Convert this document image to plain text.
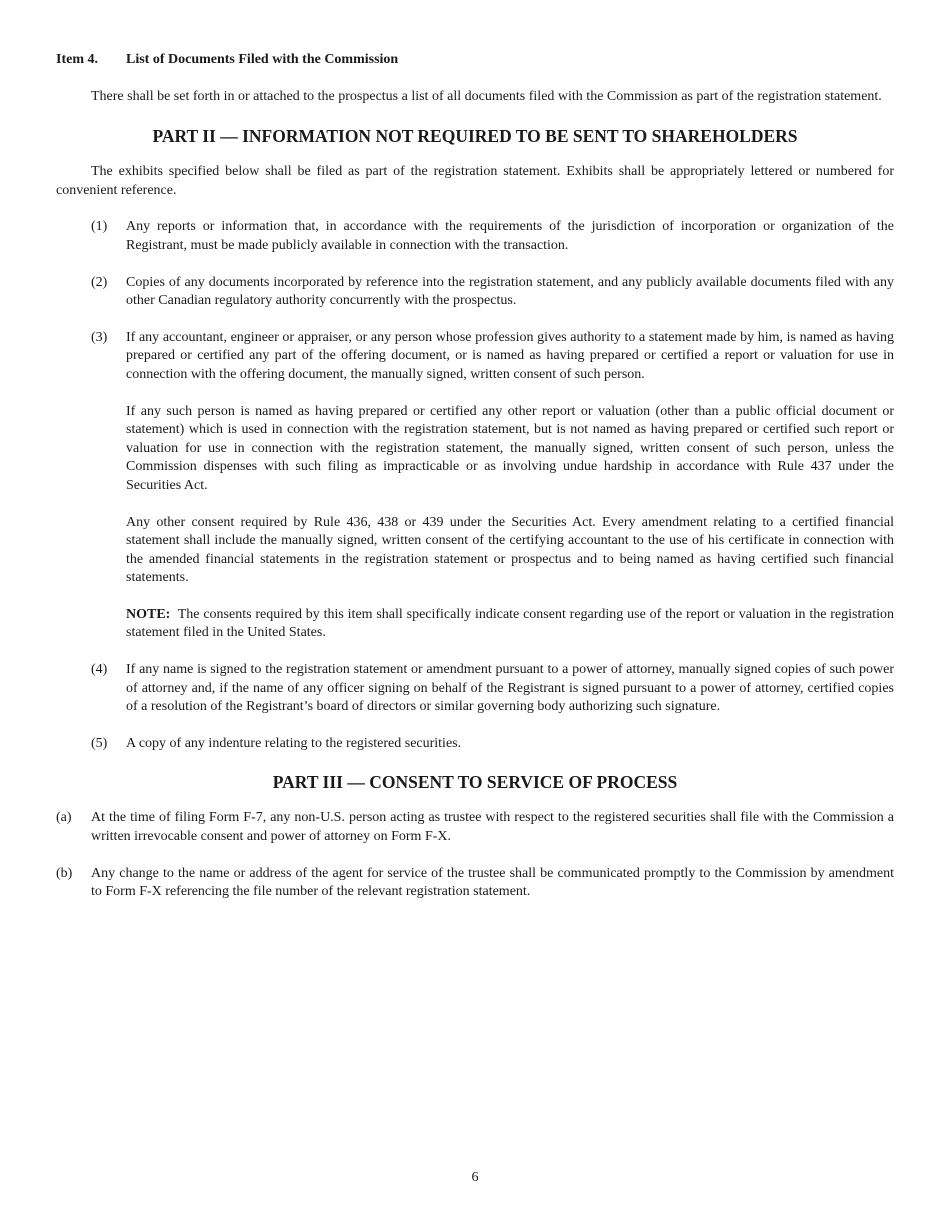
Item 4. List of Documents Filed with the Commission

There shall be set forth in or attached to the prospectus a list of all documents filed with the Commission as part of the registration statement.

PART II — INFORMATION NOT REQUIRED TO BE SENT TO SHAREHOLDERS

The exhibits specified below shall be filed as part of the registration statement. Exhibits shall be appropriately lettered or numbered for convenient reference.

(1) Any reports or information that, in accordance with the requirements of the jurisdiction of incorporation or organization of the Registrant, must be made publicly available in connection with the transaction.
(2) Copies of any documents incorporated by reference into the registration statement, and any publicly available documents filed with any other Canadian regulatory authority concurrently with the prospectus.
(3) If any accountant, engineer or appraiser, or any person whose profession gives authority to a statement made by him, is named as having prepared or certified any part of the offering document, or is named as having prepared or certified a report or valuation for use in connection with the offering document, the manually signed, written consent of such person.
If any such person is named as having prepared or certified any other report or valuation (other than a public official document or statement) which is used in connection with the registration statement, but is not named as having prepared or certified such report or valuation for use in connection with the registration statement, the manually signed, written consent of such person, unless the Commission dispenses with such filing as impracticable or as involving undue hardship in accordance with Rule 437 under the Securities Act.
Any other consent required by Rule 436, 438 or 439 under the Securities Act. Every amendment relating to a certified financial statement shall include the manually signed, written consent of the certifying accountant to the use of his certificate in connection with the amended financial statements in the registration statement or prospectus and to being named as having certified such financial statements.
NOTE: The consents required by this item shall specifically indicate consent regarding use of the report or valuation in the registration statement filed in the United States.
(4) If any name is signed to the registration statement or amendment pursuant to a power of attorney, manually signed copies of such power of attorney and, if the name of any officer signing on behalf of the Registrant is signed pursuant to a power of attorney, certified copies of a resolution of the Registrant’s board of directors or similar governing body authorizing such signature.
(5) A copy of any indenture relating to the registered securities.
PART III — CONSENT TO SERVICE OF PROCESS
(a) At the time of filing Form F-7, any non-U.S. person acting as trustee with respect to the registered securities shall file with the Commission a written irrevocable consent and power of attorney on Form F-X.
(b) Any change to the name or address of the agent for service of the trustee shall be communicated promptly to the Commission by amendment to Form F-X referencing the file number of the relevant registration statement.
6
